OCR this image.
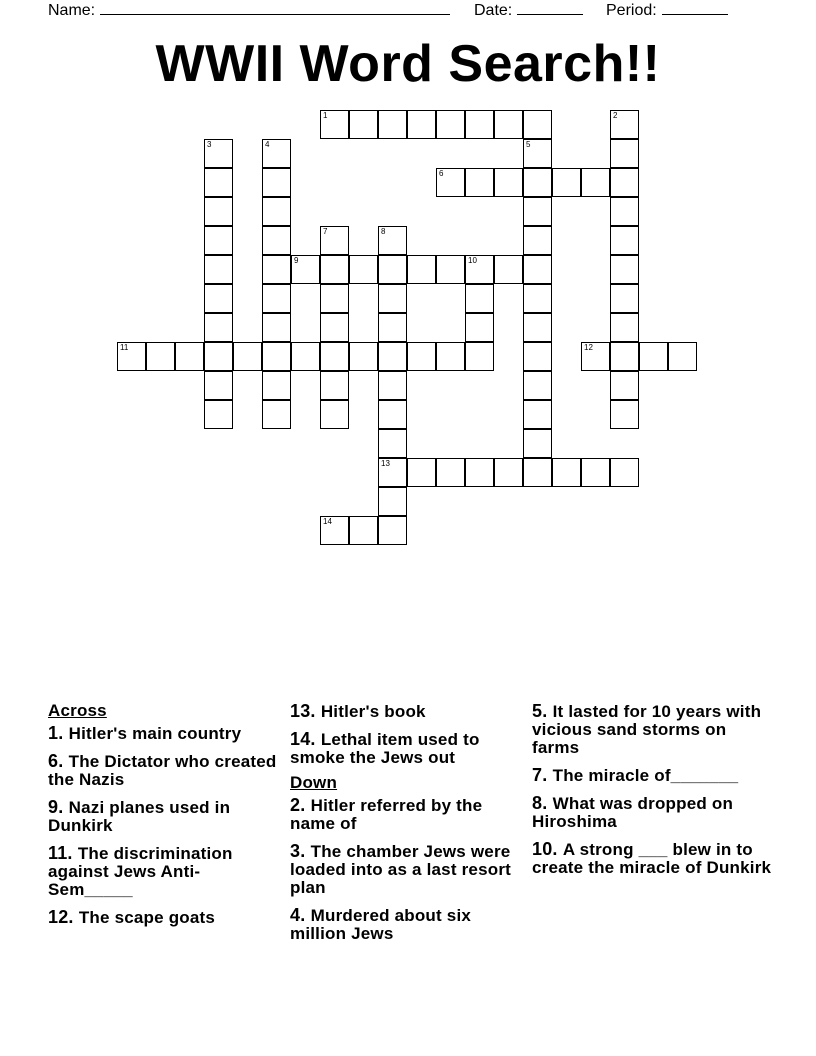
Name:	Date:	Period:
WWII Word Search!!
1	2
3	4	5
6
7	8
13
9	10
11	12
14
Across
1. Hitler's main country
6. The Dictator who created the Nazis
9. Nazi planes used in Dunkirk
11. The discrimination against Jews Anti-Sem_____
12. The scape goats
13. Hitler's book
14. Lethal item used to smoke the Jews out
Down
2. Hitler referred by the name of
3. The chamber Jews were loaded into as a last resort plan
4. Murdered about six million Jews
5. It lasted for 10 years with vicious sand storms on farms
7. The miracle of_______
8. What was dropped on Hiroshima
10. A strong ___ blew in to create the miracle of Dunkirk
